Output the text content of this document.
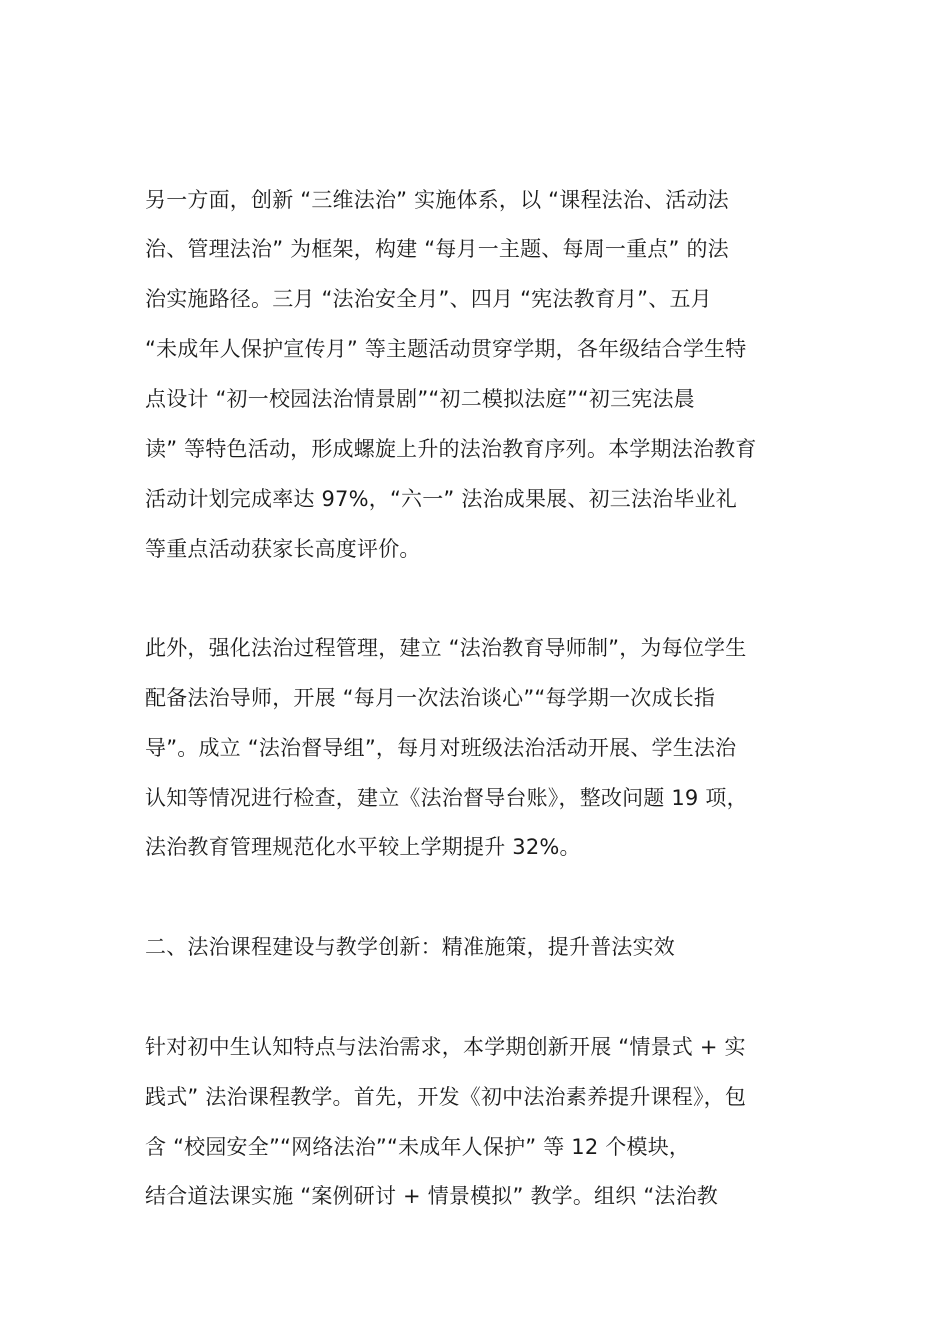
另一方面，创新 “三维法治” 实施体系，以 “课程法治、活动法
治、管理法治” 为框架，构建 “每月一主题、每周一重点” 的法
治实施路径。三月 “法治安全月”、四月 “宪法教育月”、五月
“未成年人保护宣传月” 等主题活动贯穿学期，各年级结合学生特
点设计 “初一校园法治情景剧”“初二模拟法庭”“初三宪法晨
读” 等特色活动，形成螺旋上升的法治教育序列。本学期法治教育
活动计划完成率达 97%，“六一” 法治成果展、初三法治毕业礼
等重点活动获家长高度评价。
此外，强化法治过程管理，建立 “法治教育导师制”，为每位学生
配备法治导师，开展 “每月一次法治谈心”“每学期一次成长指
导”。成立 “法治督导组”，每月对班级法治活动开展、学生法治
认知等情况进行检查，建立《法治督导台账》，整改问题 19 项，
法治教育管理规范化水平较上学期提升 32%。
二、法治课程建设与教学创新：精准施策，提升普法实效
针对初中生认知特点与法治需求，本学期创新开展 “情景式 + 实
践式” 法治课程教学。首先，开发《初中法治素养提升课程》，包
含 “校园安全”“网络法治”“未成年人保护” 等 12 个模块，
结合道法课实施 “案例研讨 + 情景模拟” 教学。组织 “法治教
